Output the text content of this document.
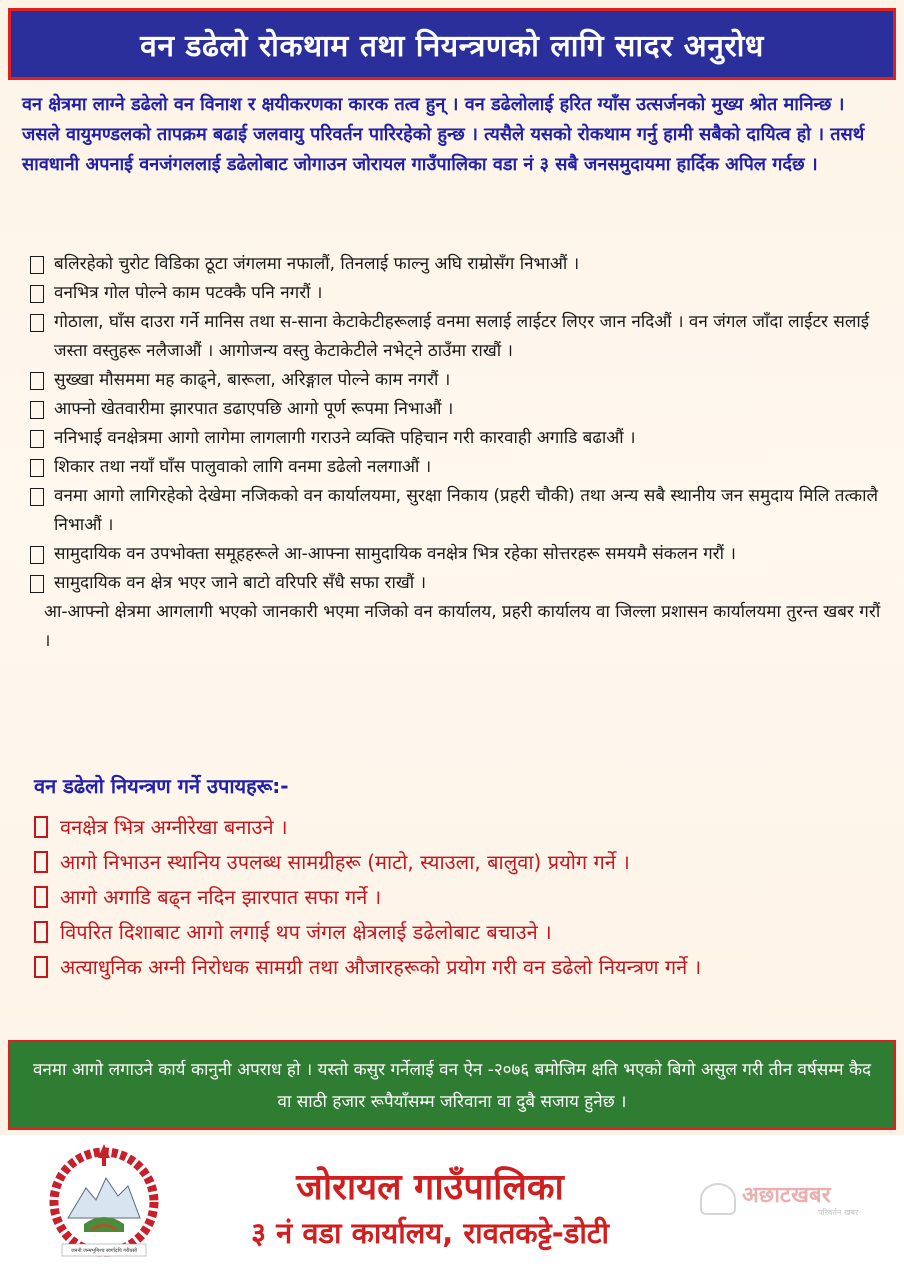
वन डढेलो रोकथाम तथा नियन्त्रणको लागि सादर अनुरोध

वन क्षेत्रमा लाग्ने डढेलो वन विनाश र क्षयीकरणका कारक तत्व हुन् । वन डढेलोलाई हरित ग्याँस उत्सर्जनको मुख्य श्रोत मानिन्छ । जसले वायुमण्डलको तापक्रम बढाई जलवायु परिवर्तन पारिरहेको हुन्छ । त्यसैले यसको रोकथाम गर्नु हामी सबैको दायित्व हो । तसर्थ सावधानी अपनाई वनजंगललाई डढेलोबाट जोगाउन जोरायल गाउँपालिका वडा नं ३ सबै जनसमुदायमा हार्दिक अपिल गर्दछ ।

बलिरहेको चुरोट विडिका ठूटा जंगलमा नफालौं, तिनलाई फाल्नु अघि राम्रोसँग निभाऔं ।
वनभित्र गोल पोल्ने काम पटक्कै पनि नगरौं ।
गोठाला, घाँस दाउरा गर्ने मानिस तथा स-साना केटाकेटीहरूलाई वनमा सलाई लाईटर लिएर जान नदिऔं । वन जंगल जाँदा लाईटर सलाई जस्ता वस्तुहरू नलैजाऔं । आगोजन्य वस्तु केटाकेटीले नभेट्ने ठाउँमा राखौं ।
सुख्खा मौसममा मह काढ्ने, बारूला, अरिङ्गाल पोल्ने काम नगरौं ।
आफ्नो खेतवारीमा झारपात डढाएपछि आगो पूर्ण रूपमा निभाऔं ।
ननिभाई वनक्षेत्रमा आगो लागेमा लागलागी गराउने व्यक्ति पहिचान गरी कारवाही अगाडि बढाऔं ।
शिकार तथा नयाँ घाँस पालुवाको लागि वनमा डढेलो नलगाऔं ।
वनमा आगो लागिरहेको देखेमा नजिकको वन कार्यालयमा, सुरक्षा निकाय (प्रहरी चौकी) तथा अन्य सबै स्थानीय जन समुदाय मिलि तत्कालै निभाऔं ।
सामुदायिक वन उपभोक्ता समूहहरूले आ-आफ्ना सामुदायिक वनक्षेत्र भित्र रहेका सोत्तरहरू समयमै संकलन गरौं ।
सामुदायिक वन क्षेत्र भएर जाने बाटो वरिपरि सँधै सफा राखौं ।
आ-आफ्नो क्षेत्रमा आगलागी भएको जानकारी भएमा नजिको वन कार्यालय, प्रहरी कार्यालय वा जिल्ला प्रशासन कार्यालयमा तुरन्त खबर गरौं ।
वन डढेलो नियन्त्रण गर्ने उपायहरू:-
वनक्षेत्र भित्र अग्नीरेखा बनाउने ।
आगो निभाउन स्थानिय उपलब्ध सामग्रीहरू (माटो, स्याउला, बालुवा) प्रयोग गर्ने ।
आगो अगाडि बढ्न नदिन झारपात सफा गर्ने ।
विपरित दिशाबाट आगो लगाई थप जंगल क्षेत्रलाई डढेलोबाट बचाउने ।
अत्याधुनिक अग्नी निरोधक सामग्री तथा औजारहरूको प्रयोग गरी वन डढेलो नियन्त्रण गर्ने ।

वनमा आगो लगाउने कार्य कानुनी अपराध हो । यस्तो कसुर गर्नेलाई वन ऐन -२०७६ बमोजिम क्षति भएको बिगो असुल गरी तीन वर्षसम्म कैद वा साठी हजार रूपैयाँसम्म जरिवाना वा दुबै सजाय हुनेछ ।

जननी जन्मभूमिश्च स्वर्गादपि गरीयसी
जोरायल गाउँपालिका
३ नं वडा कार्यालय, रावतकट्टे-डोटी
अछाटखबर
परिवर्तन खबर
